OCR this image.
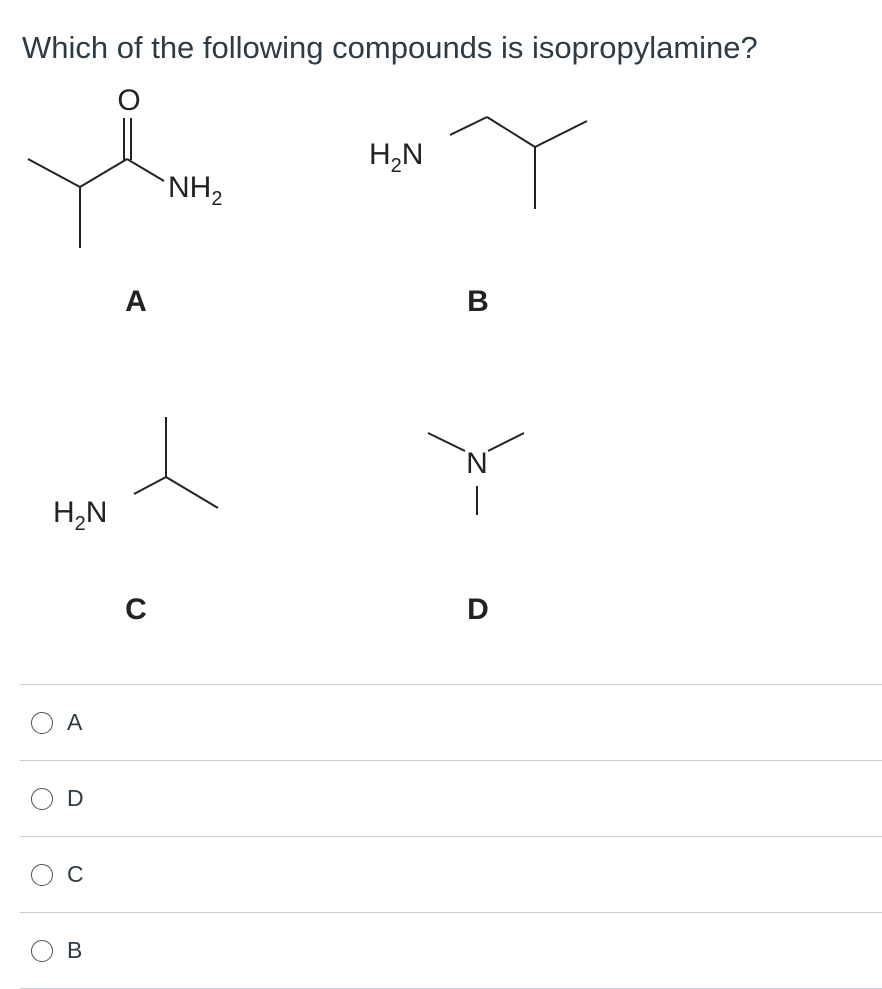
Which of the following compounds is isopropylamine?
O
$NH_2$
A
$H_2N$
B
$H_2N$
C
N
D
A
D
C
B
